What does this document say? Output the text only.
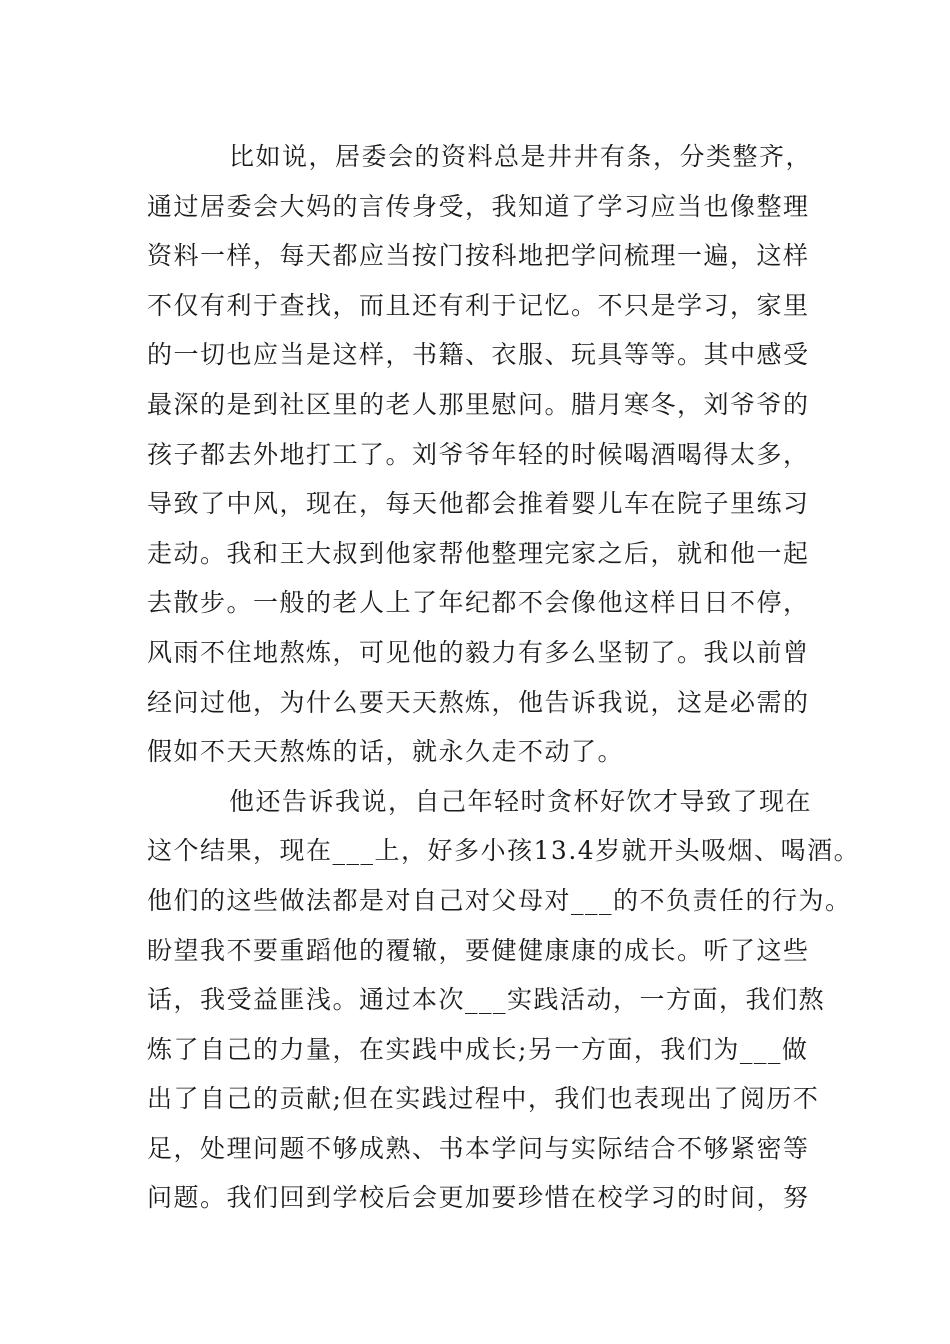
比如说，居委会的资料总是井井有条，分类整齐，
通过居委会大妈的言传身受，我知道了学习应当也像整理
资料一样，每天都应当按门按科地把学问梳理一遍，这样
不仅有利于查找，而且还有利于记忆。不只是学习，家里
的一切也应当是这样，书籍、衣服、玩具等等。其中感受
最深的是到社区里的老人那里慰问。腊月寒冬，刘爷爷的
孩子都去外地打工了。刘爷爷年轻的时候喝酒喝得太多，
导致了中风，现在，每天他都会推着婴儿车在院子里练习
走动。我和王大叔到他家帮他整理完家之后，就和他一起
去散步。一般的老人上了年纪都不会像他这样日日不停，
风雨不住地熬炼，可见他的毅力有多么坚韧了。我以前曾
经问过他，为什么要天天熬炼，他告诉我说，这是必需的
假如不天天熬炼的话，就永久走不动了。
他还告诉我说，自己年轻时贪杯好饮才导致了现在
这个结果，现在___上，好多小孩13.4岁就开头吸烟、喝酒。
他们的这些做法都是对自己对父母对___的不负责任的行为。
盼望我不要重蹈他的覆辙，要健健康康的成长。听了这些
话，我受益匪浅。通过本次___实践活动，一方面，我们熬
炼了自己的力量，在实践中成长;另一方面，我们为___做
出了自己的贡献;但在实践过程中，我们也表现出了阅历不
足，处理问题不够成熟、书本学问与实际结合不够紧密等
问题。我们回到学校后会更加要珍惜在校学习的时间，努
